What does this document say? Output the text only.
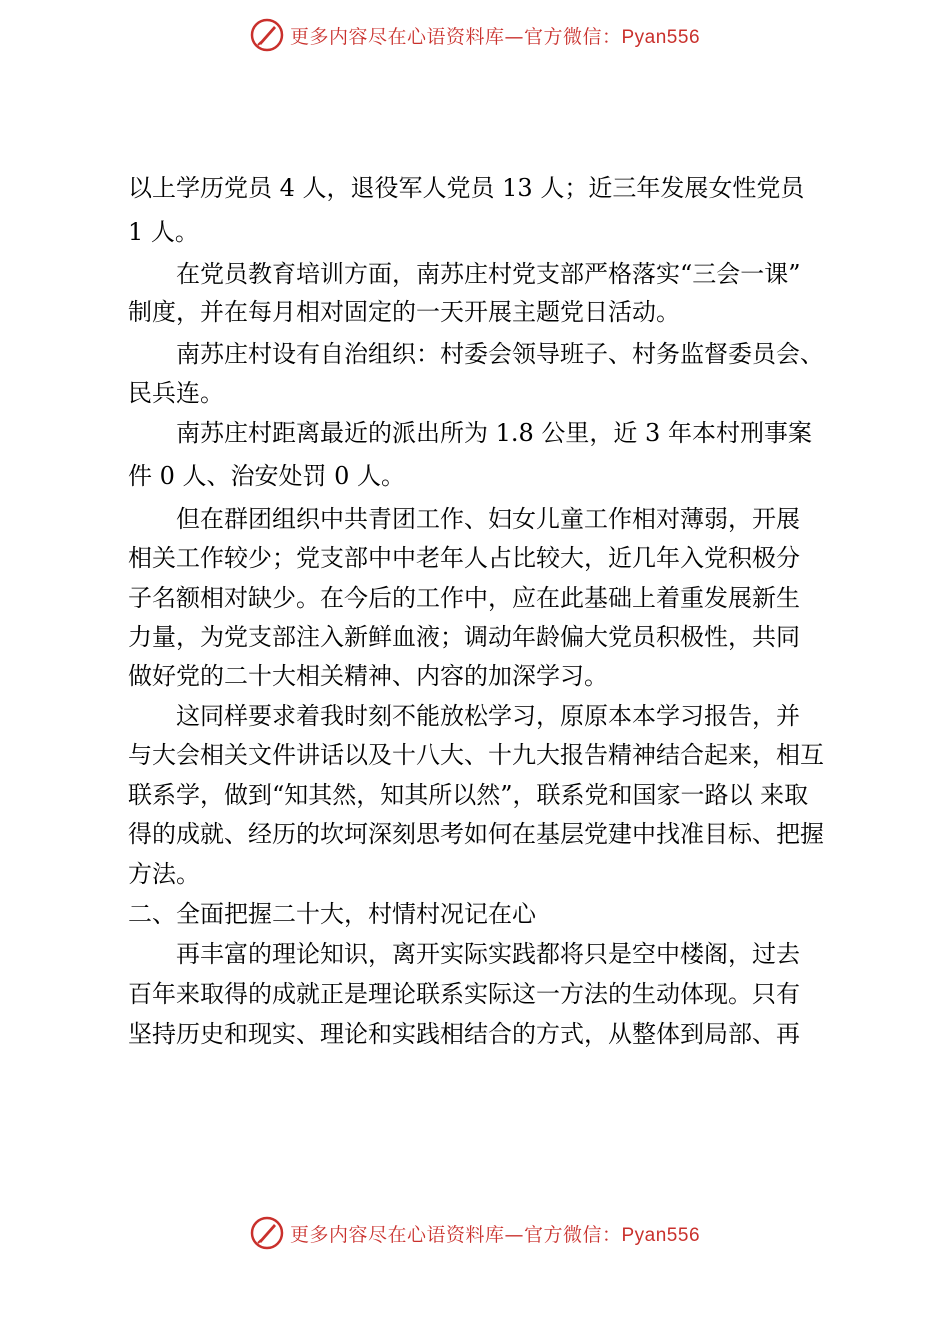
更多内容尽在心语资料库—官方微信：Pyan556
以上学历党员 4 人，退役军人党员 13 人；近三年发展女性党员
1 人。
在党员教育培训方面，南苏庄村党支部严格落实“三会一课”
制度，并在每月相对固定的一天开展主题党日活动。
南苏庄村设有自治组织：村委会领导班子、村务监督委员会、
民兵连。
南苏庄村距离最近的派出所为 1.8 公里，近 3 年本村刑事案
件 0 人、治安处罚 0 人。
但在群团组织中共青团工作、妇女儿童工作相对薄弱，开展
相关工作较少；党支部中中老年人占比较大，近几年入党积极分
子名额相对缺少。在今后的工作中，应在此基础上着重发展新生
力量，为党支部注入新鲜血液；调动年龄偏大党员积极性，共同
做好党的二十大相关精神、内容的加深学习。
这同样要求着我时刻不能放松学习，原原本本学习报告，并
与大会相关文件讲话以及十八大、十九大报告精神结合起来，相互
联系学，做到“知其然，知其所以然”，联系党和国家一路以 来取
得的成就、经历的坎坷深刻思考如何在基层党建中找准目标、把握
方法。
二、全面把握二十大，村情村况记在心
再丰富的理论知识，离开实际实践都将只是空中楼阁，过去
百年来取得的成就正是理论联系实际这一方法的生动体现。只有
坚持历史和现实、理论和实践相结合的方式，从整体到局部、再
更多内容尽在心语资料库—官方微信：Pyan556
